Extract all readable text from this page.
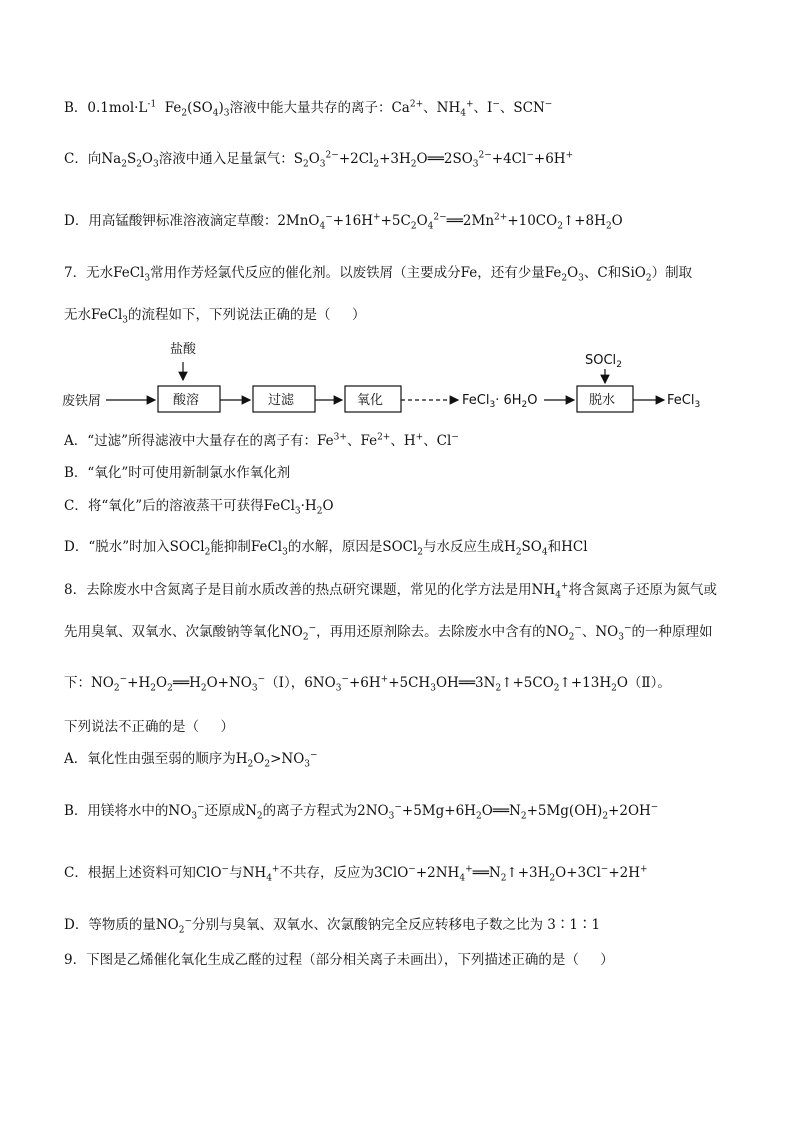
B．$0.1mol\cdot L^{-1}$  $Fe_2(SO_4)_3$溶液中能大量共存的离子：$Ca^{2+}$、$NH_4^+$、I−、SCN−
C．向$Na_2S_2O_3$溶液中通入足量氯气：$S_2O_3^{2-}+2Cl_2+3H_2O══2SO_3^{2-}+4Cl^-+6H^+$
D．用高锰酸钾标准溶液滴定草酸：$2MnO_4^-+16H^++5C_2O_4^{2-}══2Mn^{2+}+10CO_2↑+8H_2O$
7．无水FeCl$_3$常用作芳烃氯代反应的催化剂。以废铁屑（主要成分Fe，还有少量$Fe_2O_3$、C和SiO$_2$）制取
无水FeCl$_3$的流程如下，下列说法正确的是（     ）
废铁屑
盐酸
酸溶	过滤	氧化	FeCl$_3$· $6H_2O$
SOCl$_2$
脱水	FeCl$_3$
A．“过滤”所得滤液中大量存在的离子有：$Fe^{3+}$、$Fe^{2+}$、H+、Cl−
B．“氧化”时可使用新制氯水作氧化剂
C．将“氧化”后的溶液蒸干可获得$FeCl_3\cdot H_2O$
D．“脱水”时加入SOCl$_2$能抑制FeCl$_3$的水解，原因是SOCl$_2$与水反应生成$H_2SO_4$和HCl
8．去除废水中含氮离子是目前水质改善的热点研究课题，常见的化学方法是用$NH_4^+$将含氮离子还原为氮气或
先用臭氧、双氧水、次氯酸钠等氧化$NO_2^-$，再用还原剂除去。去除废水中含有的$NO_2^-$、$NO_3^-$的一种原理如
下：$NO_2^-+H_2O_2══H_2O+NO_3^-(Ⅰ)$，$6NO_3^-+6H^++5CH_3OH══3N_2↑+5CO_2↑+13H_2O(Ⅱ)$。
下列说法不正确的是（     ）
A．氧化性由强至弱的顺序为$H_2O_2>NO_3^-$
B．用镁将水中的$NO_3^-$还原成$N_2$的离子方程式为$2NO_3^-+5Mg+6H_2O══N_2+5Mg(OH)_2+2OH^-$
C．根据上述资料可知ClO−与$NH_4^+$不共存，反应为$3ClO^-+2NH_4^+══N_2↑+3H_2O+3Cl^-+2H^+$
D．等物质的量$NO_2^-$分别与臭氧、双氧水、次氯酸钠完全反应转移电子数之比为 3∶1∶1
9．下图是乙烯催化氧化生成乙醛的过程（部分相关离子未画出），下列描述正确的是（     ）
